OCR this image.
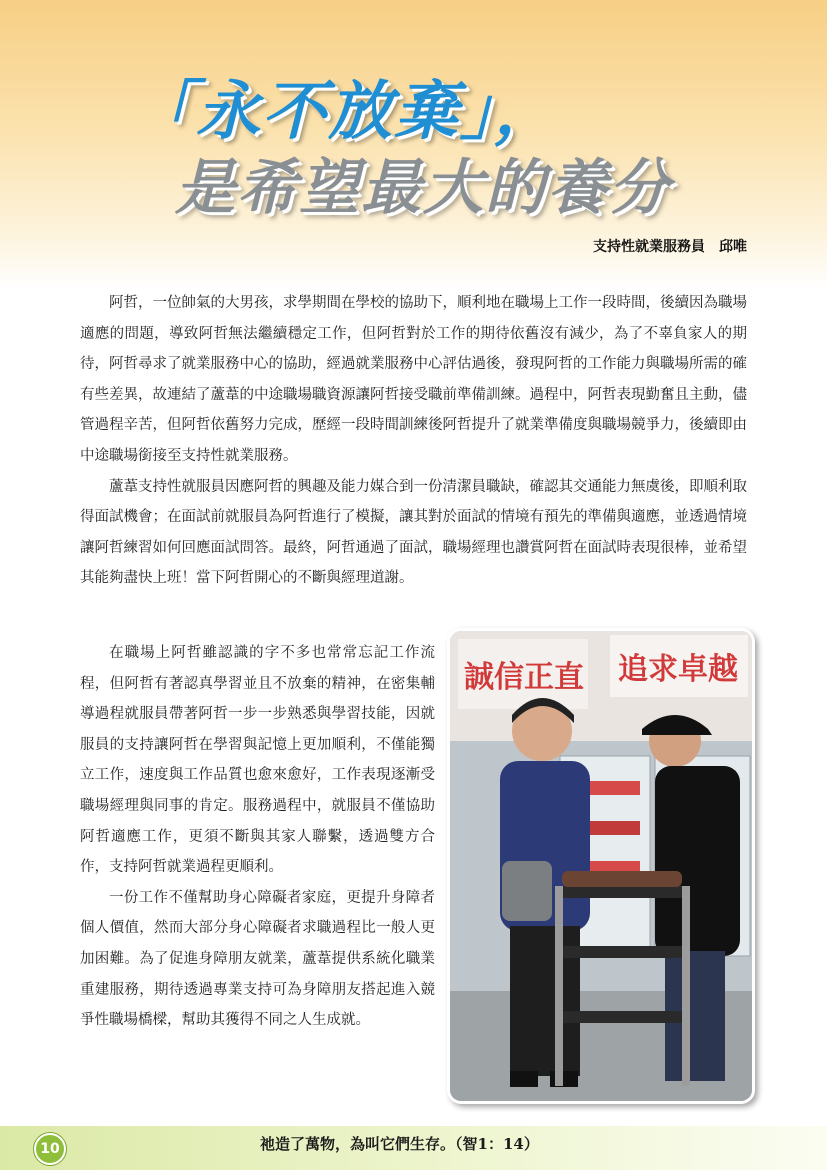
「永不放棄」，
是希望最大的養分
支持性就業服務員 邱唯

阿哲，一位帥氣的大男孩，求學期間在學校的協助下，順利地在職場上工作一段時間，後續因為職場適應的問題，導致阿哲無法繼續穩定工作，但阿哲對於工作的期待依舊沒有減少，為了不辜負家人的期待，阿哲尋求了就業服務中心的協助，經過就業服務中心評估過後，發現阿哲的工作能力與職場所需的確有些差異，故連結了蘆葦的中途職場職資源讓阿哲接受職前準備訓練。過程中，阿哲表現勤奮且主動，儘管過程辛苦，但阿哲依舊努力完成，歷經一段時間訓練後阿哲提升了就業準備度與職場競爭力，後續即由中途職場銜接至支持性就業服務。

蘆葦支持性就服員因應阿哲的興趣及能力媒合到一份清潔員職缺，確認其交通能力無虞後，即順利取得面試機會；在面試前就服員為阿哲進行了模擬，讓其對於面試的情境有預先的準備與適應，並透過情境讓阿哲練習如何回應面試問答。最終，阿哲通過了面試，職場經理也讚賞阿哲在面試時表現很棒，並希望其能夠盡快上班！當下阿哲開心的不斷與經理道謝。

在職場上阿哲雖認識的字不多也常常忘記工作流程，但阿哲有著認真學習並且不放棄的精神，在密集輔導過程就服員帶著阿哲一步一步熟悉與學習技能，因就服員的支持讓阿哲在學習與記憶上更加順利，不僅能獨立工作，速度與工作品質也愈來愈好，工作表現逐漸受職場經理與同事的肯定。服務過程中，就服員不僅協助阿哲適應工作，更須不斷與其家人聯繫，透過雙方合作，支持阿哲就業過程更順利。

一份工作不僅幫助身心障礙者家庭，更提升身障者個人價值，然而大部分身心障礙者求職過程比一般人更加困難。為了促進身障朋友就業，蘆葦提供系統化職業重建服務，期待透過專業支持可為身障朋友搭起進入競爭性職場橋樑，幫助其獲得不同之人生成就。

誠信正直 追求卓越
10	祂造了萬物，為叫它們生存。（智1：14）
